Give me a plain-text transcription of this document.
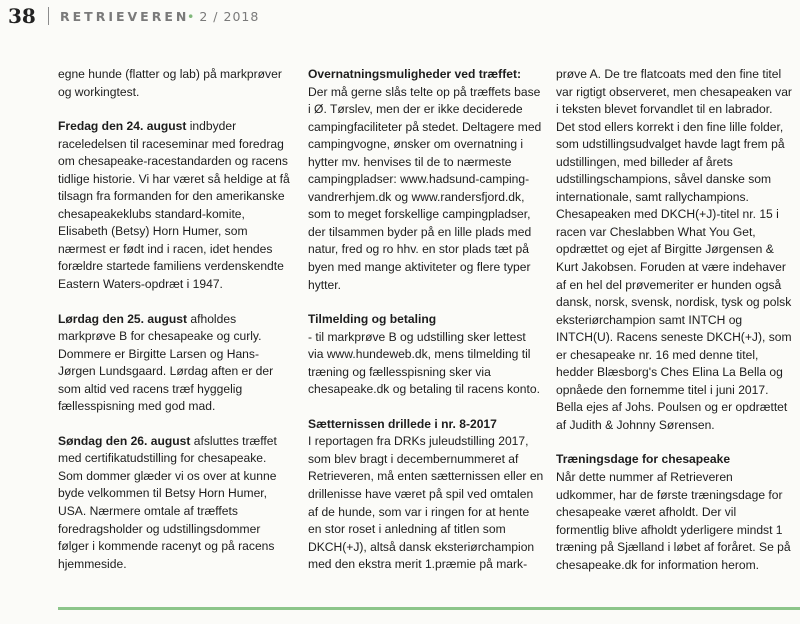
38 RETRIEVEREN
• 2 / 2018

egne hunde (flatter og lab) på markprøver og workingtest.

Fredag den 24. august indbyder raceledelsen til raceseminar med foredrag om chesapeake-racestandarden og racens tidlige historie. Vi har været så heldige at få tilsagn fra formanden for den amerikanske chesapeakeklubs standard-komite, Elisabeth (Betsy) Horn Humer, som nærmest er født ind i racen, idet hendes forældre startede familiens verdenskendte Eastern Waters-opdræt i 1947.

Lørdag den 25. august afholdes markprøve B for chesapeake og curly. Dommere er Birgitte Larsen og Hans-Jørgen Lundsgaard. Lørdag aften er der som altid ved racens træf hyggelig fællesspisning med god mad.

Søndag den 26. august afsluttes træffet med certifikatudstilling for chesapeake. Som dommer glæder vi os over at kunne byde velkommen til Betsy Horn Humer, USA. Nærmere omtale af træffets foredragsholder og udstillingsdommer følger i kommende racenyt og på racens hjemmeside.

Overnatningsmuligheder ved træffet:

Der må gerne slås telte op på træffets base i Ø. Tørslev, men der er ikke deciderede campingfaciliteter på stedet. Deltagere med campingvogne, ønsker om overnatning i hytter mv. henvises til de to nærmeste campingpladser: www.hadsund-camping-vandrerhjem.dk og www.randersfjord.dk, som to meget forskellige campingpladser, der tilsammen byder på en lille plads med natur, fred og ro hhv. en stor plads tæt på byen med mange aktiviteter og flere typer hytter.

Tilmelding og betaling

- til markprøve B og udstilling sker lettest via www.hundeweb.dk, mens tilmelding til træning og fællesspisning sker via chesapeake.dk og betaling til racens konto.

Sætternissen drillede i nr. 8-2017

I reportagen fra DRKs juleudstilling 2017, som blev bragt i decembernummeret af Retrieveren, må enten sætternissen eller en drillenisse have været på spil ved omtalen af de hunde, som var i ringen for at hente en stor roset i anledning af titlen som DKCH(+J), altså dansk eksteriørchampion med den ekstra merit 1.præmie på mark-

prøve A. De tre flatcoats med den fine titel var rigtigt observeret, men chesapeaken var i teksten blevet forvandlet til en labrador. Det stod ellers korrekt i den fine lille folder, som udstillingsudvalget havde lagt frem på udstillingen, med billeder af årets udstillingschampions, såvel danske som internationale, samt rallychampions. Chesapeaken med DKCH(+J)-titel nr. 15 i racen var Cheslabben What You Get, opdrættet og ejet af Birgitte Jørgensen & Kurt Jakobsen. Foruden at være indehaver af en hel del prøvemeriter er hunden også dansk, norsk, svensk, nordisk, tysk og polsk eksteriørchampion samt INTCH og INTCH(U). Racens seneste DKCH(+J), som er chesapeake nr. 16 med denne titel, hedder Blæsborg's Ches Elina La Bella og opnåede den fornemme titel i juni 2017. Bella ejes af Johs. Poulsen og er opdrættet af Judith & Johnny Sørensen.

Træningsdage for chesapeake

Når dette nummer af Retrieveren udkommer, har de første træningsdage for chesapeake været afholdt. Der vil formentlig blive afholdt yderligere mindst 1 træning på Sjælland i løbet af foråret. Se på chesapeake.dk for information herom.
